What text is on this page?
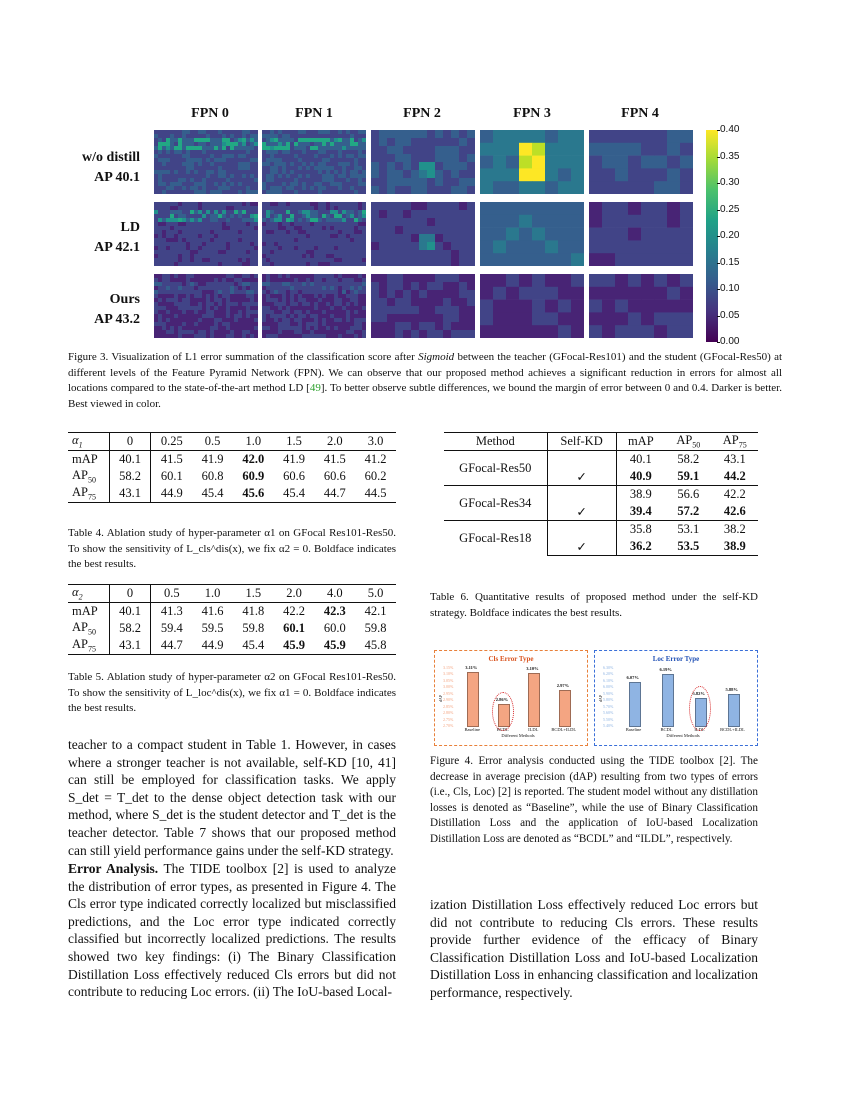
FPN 0	FPN 1	FPN 2	FPN 3	FPN 4
w/o distill
AP 40.1
LD
AP 42.1
Ours
AP 43.2
0.40
0.35
0.30
0.25
0.20
0.15
0.10
0.05
0.00
Figure 3. Visualization of L1 error summation of the classification score after Sigmoid between the teacher (GFocal-Res101) and the student (GFocal-Res50) at different levels of the Feature Pyramid Network (FPN). We can observe that our proposed method achieves a significant reduction in errors for almost all locations compared to the state-of-the-art method LD [49]. To better observe subtle differences, we bound the margin of error between 0 and 0.4. Darker is better. Best viewed in color.
$\alpha_1$	0	0.25	0.5	1.0	1.5	2.0	3.0
mAP	40.1	41.5	41.9	42.0	41.9	41.5	41.2
$AP_{50}$	58.2	60.1	60.8	60.9	60.6	60.6	60.2
$AP_{75}$	43.1	44.9	45.4	45.6	45.4	44.7	44.5
Table 4. Ablation study of hyper-parameter α1 on GFocal Res101-Res50. To show the sensitivity of L_cls^dis(x), we fix α2 = 0. Boldface indicates the best results.
$\alpha_2$	0	0.5	1.0	1.5	2.0	4.0	5.0
mAP	40.1	41.3	41.6	41.8	42.2	42.3	42.1
$AP_{50}$	58.2	59.4	59.5	59.8	60.1	60.0	59.8
$AP_{75}$	43.1	44.7	44.9	45.4	45.9	45.9	45.8
Table 5. Ablation study of hyper-parameter α2 on GFocal Res101-Res50. To show the sensitivity of L_loc^dis(x), we fix α1 = 0. Boldface indicates the best results.
Method	Self-KD	mAP	$AP_{50}$	$AP_{75}$
GFocal-Res50		40.1	58.2	43.1
	✓	40.9	59.1	44.2
GFocal-Res34		38.9	56.6	42.2
	✓	39.4	57.2	42.6
GFocal-Res18		35.8	53.1	38.2
	✓	36.2	53.5	38.9
Table 6. Quantitative results of proposed method under the self-KD strategy. Boldface indicates the best results.
Cls Error Type
dAP
3.15%
3.10%
3.05%
3.00%
2.95%
2.90%
2.85%
2.80%
2.75%
2.70%
3.11%
Baseline
2.86%
BCDL
3.10%
ILDL
2.97%
BCDL+ILDL
Different Methods
Loc Error Type
dAP
6.30%
6.20%
6.10%
6.00%
5.90%
5.80%
5.70%
5.60%
5.50%
5.40%
6.07%
Baseline
6.19%
BCDL
5.82%
ILDL
5.88%
BCDL+ILDL
Different Methods
Figure 4. Error analysis conducted using the TIDE toolbox [2]. The decrease in average precision (dAP) resulting from two types of errors (i.e., Cls, Loc) [2] is reported. The student model without any distillation losses is denoted as “Baseline”, while the use of Binary Classification Distillation Loss and the application of IoU-based Localization Distillation Loss are denoted as “BCDL” and “ILDL”, respectively.
teacher to a compact student in Table 1. However, in cases where a stronger teacher is not available, self-KD [10, 41] can still be employed for classification tasks. We apply S_det = T_det to the dense object detection task with our method, where S_det is the student detector and T_det is the teacher detector. Table 7 shows that our proposed method can still yield performance gains under the self-KD strategy.
Error Analysis. The TIDE toolbox [2] is used to analyze the distribution of error types, as presented in Figure 4. The Cls error type indicated correctly localized but misclassified predictions, and the Loc error type indicated correctly classified but incorrectly localized predictions. The results showed two key findings: (i) The Binary Classification Distillation Loss effectively reduced Cls errors but did not contribute to reducing Loc errors. (ii) The IoU-based Local-
ization Distillation Loss effectively reduced Loc errors but did not contribute to reducing Cls errors. These results provide further evidence of the efficacy of Binary Classification Distillation Loss and IoU-based Localization Distillation Loss in enhancing classification and localization performance, respectively.
